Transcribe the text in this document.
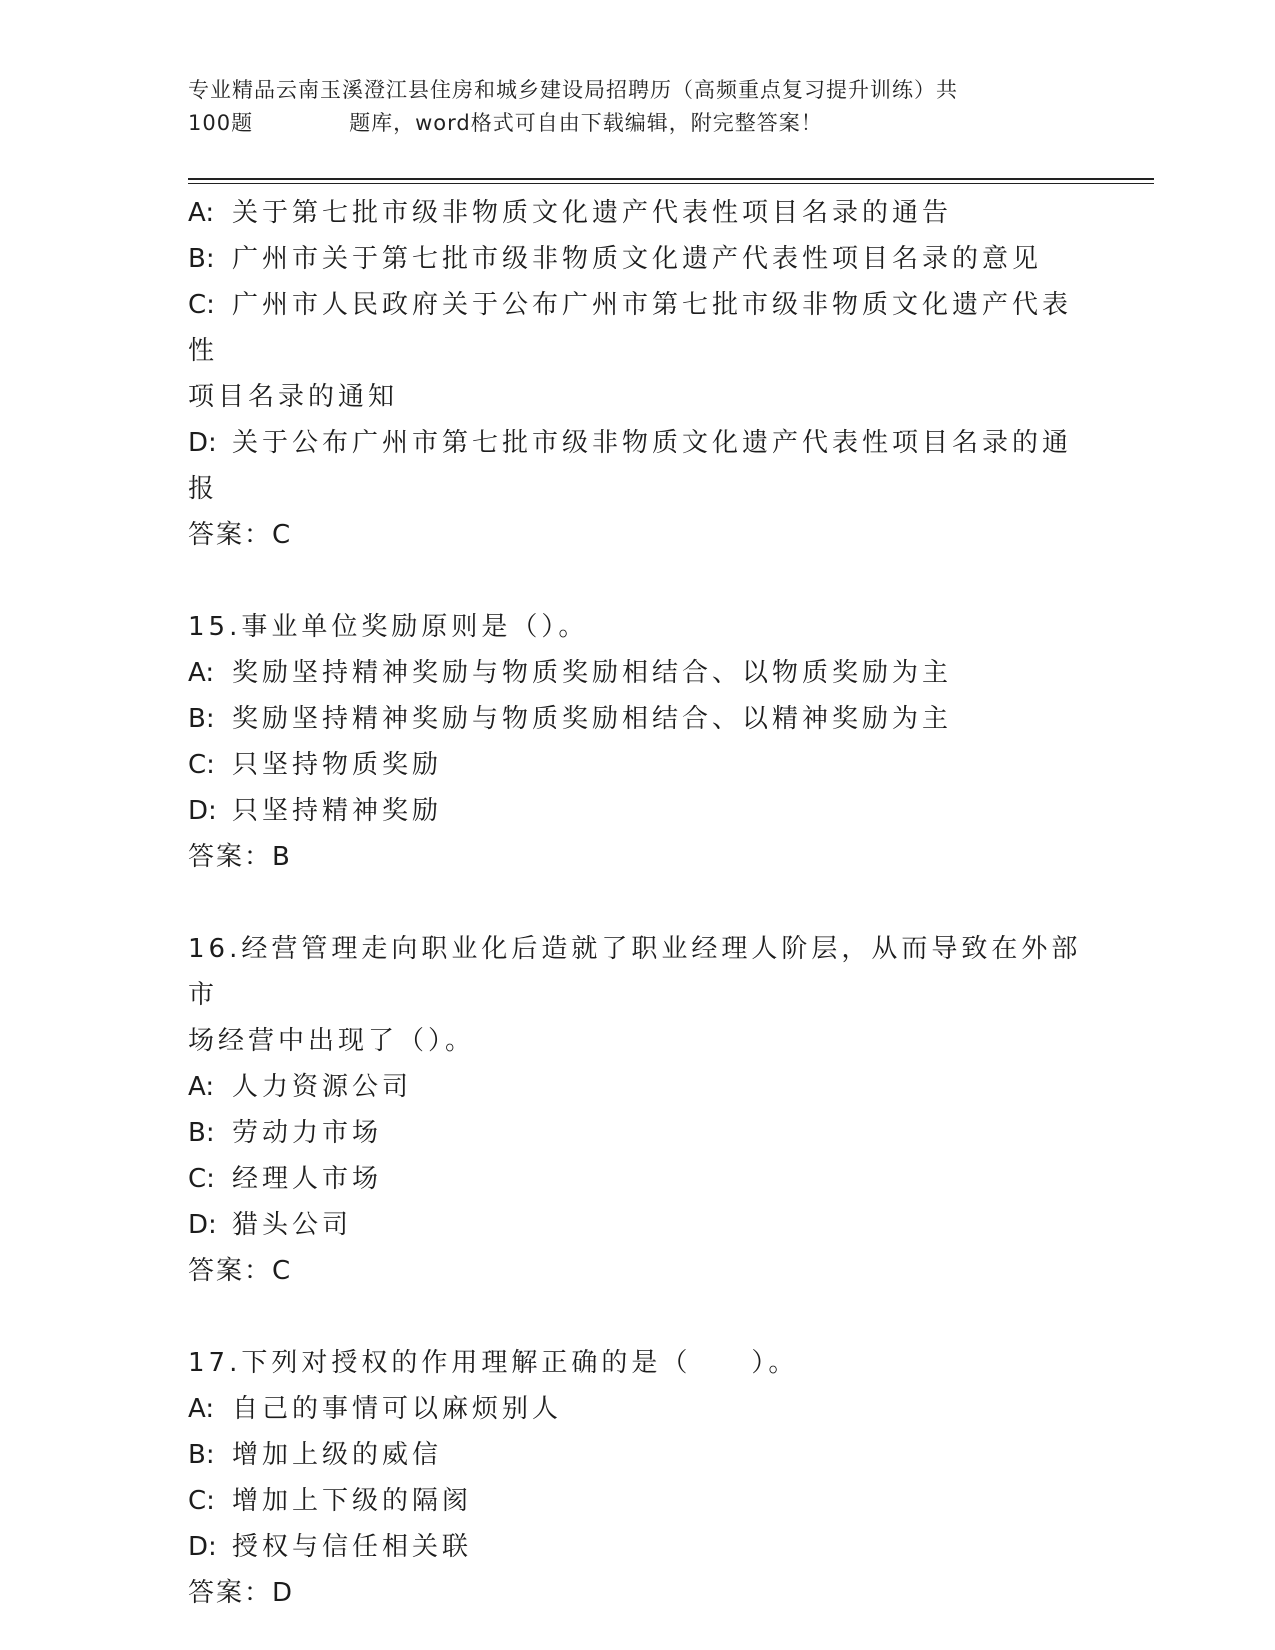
专业精品云南玉溪澄江县住房和城乡建设局招聘历（高频重点复习提升训练）共
100题	题库，word格式可自由下载编辑，附完整答案！

A: 关于第七批市级非物质文化遗产代表性项目名录的通告

B: 广州市关于第七批市级非物质文化遗产代表性项目名录的意见

C: 广州市人民政府关于公布广州市第七批市级非物质文化遗产代表性

项目名录的通知

D: 关于公布广州市第七批市级非物质文化遗产代表性项目名录的通报

答案：C

15.事业单位奖励原则是（）。

A: 奖励坚持精神奖励与物质奖励相结合、以物质奖励为主

B: 奖励坚持精神奖励与物质奖励相结合、以精神奖励为主

C: 只坚持物质奖励

D: 只坚持精神奖励

答案：B

16.经营管理走向职业化后造就了职业经理人阶层，从而导致在外部市

场经营中出现了（）。

A: 人力资源公司

B: 劳动力市场

C: 经理人市场

D: 猎头公司

答案：C

17.下列对授权的作用理解正确的是（　　）。

A: 自己的事情可以麻烦别人

B: 增加上级的威信

C: 增加上下级的隔阂

D: 授权与信任相关联

答案：D
